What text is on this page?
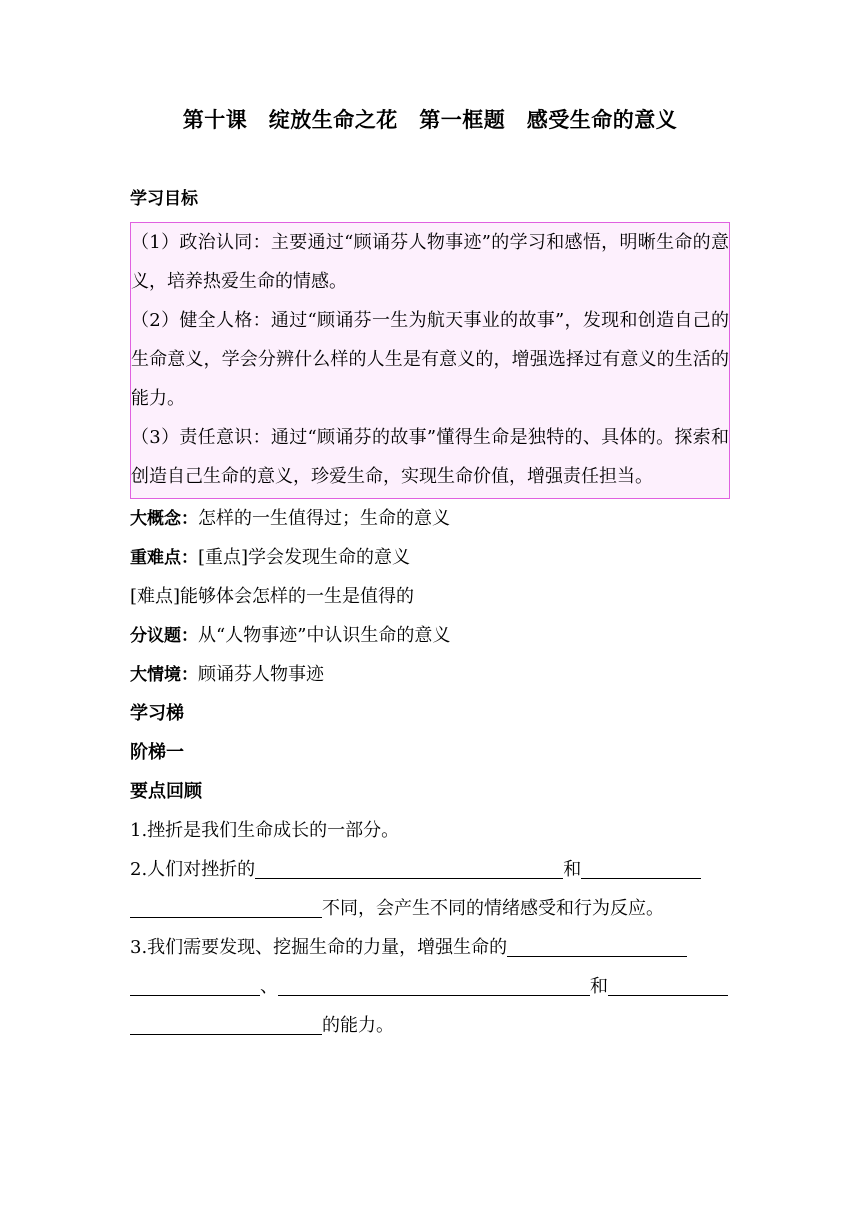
第十课　绽放生命之花　第一框题　感受生命的意义
学习目标

（1）政治认同：主要通过“顾诵芬人物事迹”的学习和感悟，明晰生命的意义，培养热爱生命的情感。

（2）健全人格：通过“顾诵芬一生为航天事业的故事”，发现和创造自己的生命意义，学会分辨什么样的人生是有意义的，增强选择过有意义的生活的能力。

（3）责任意识：通过“顾诵芬的故事”懂得生命是独特的、具体的。探索和创造自己生命的意义，珍爱生命，实现生命价值，增强责任担当。

大概念：怎样的一生值得过；生命的意义
重难点：[重点]学会发现生命的意义
[难点]能够体会怎样的一生是值得的
分议题：从“人物事迹”中认识生命的意义
大情境：顾诵芬人物事迹
学习梯
阶梯一
要点回顾
1.挫折是我们生命成长的一部分。
2.人们对挫折的	和
不同，会产生不同的情绪感受和行为反应。
3.我们需要发现、挖掘生命的力量，增强生命的
、	和
的能力。
